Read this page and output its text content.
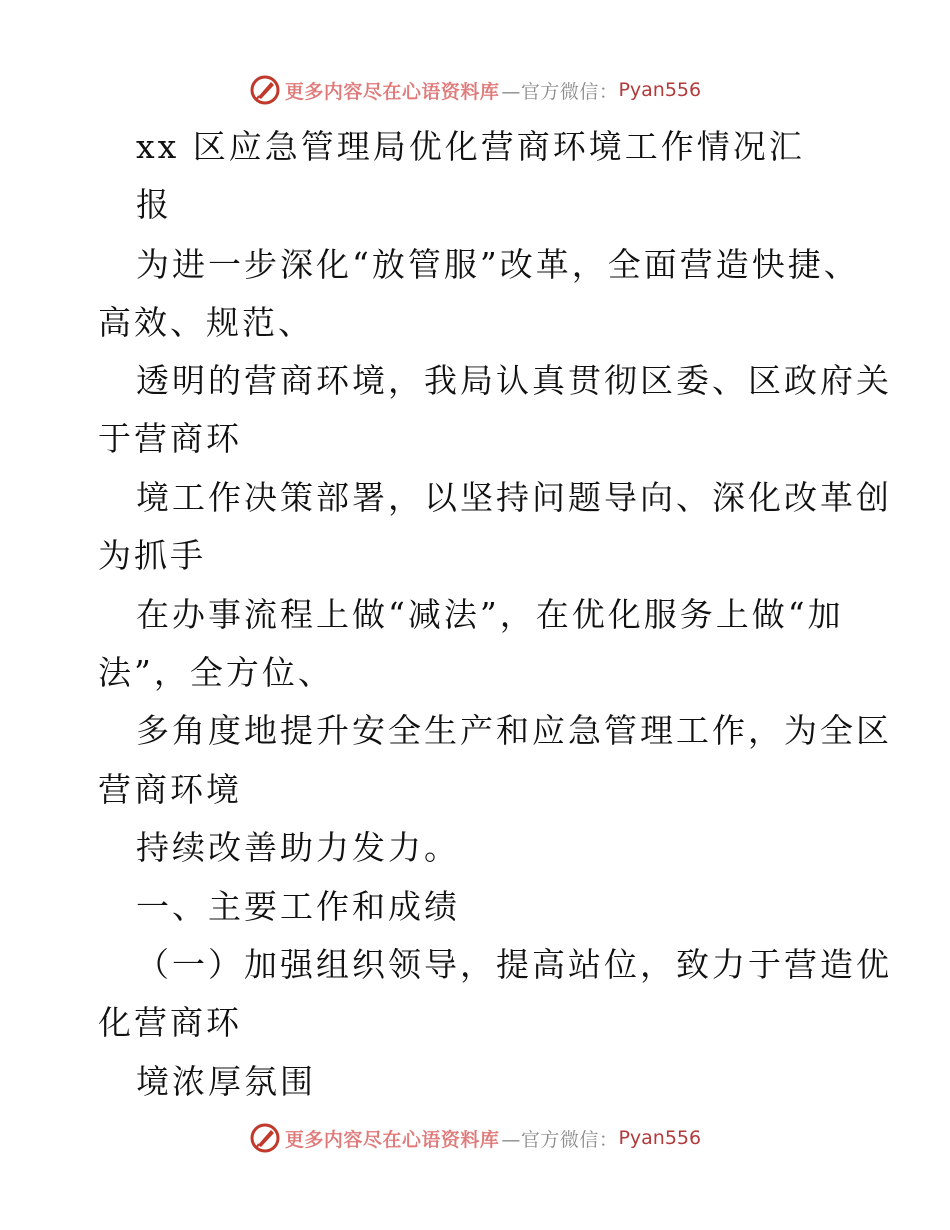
更多内容尽在心语资料库 —官方微信： Pyan556
xx 区应急管理局优化营商环境工作情况汇
报
为进一步深化“放管服”改革，全面营造快捷、
高效、规范、
透明的营商环境，我局认真贯彻区委、区政府关
于营商环
境工作决策部署，以坚持问题导向、深化改革创
为抓手
在办事流程上做“减法”，在优化服务上做“加
法”，全方位、
多角度地提升安全生产和应急管理工作，为全区
营商环境
持续改善助力发力。
一、主要工作和成绩
（一）加强组织领导，提高站位，致力于营造优
化营商环
境浓厚氛围
更多内容尽在心语资料库 —官方微信： Pyan556
